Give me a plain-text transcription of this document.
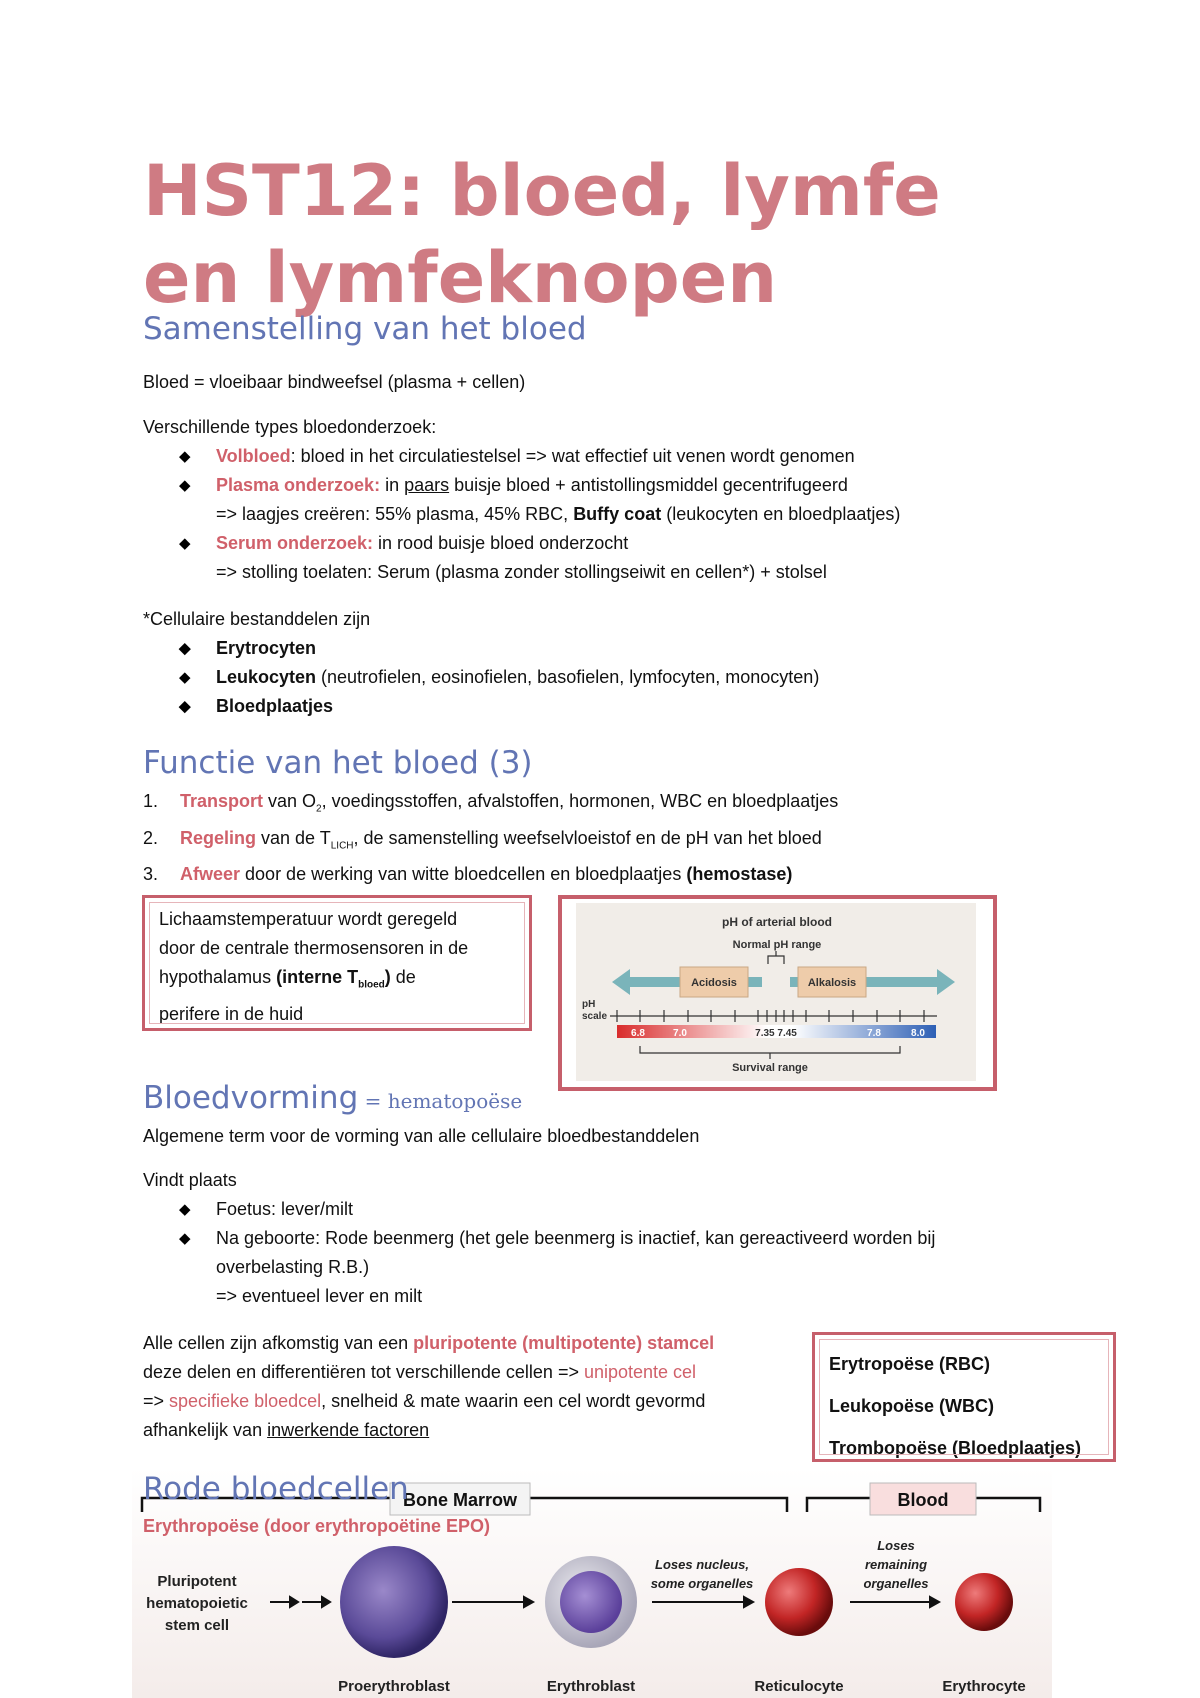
HST12: bloed, lymfe
en lymfeknopen
Samenstelling van het bloed

Bloed = vloeibaar bindweefsel (plasma + cellen)

Verschillende types bloedonderzoek:

◆ Volbloed: bloed in het circulatiestelsel => wat effectief uit venen wordt genomen
◆ Plasma onderzoek: in paars buisje bloed + antistollingsmiddel gecentrifugeerd
=> laagjes creëren: 55% plasma, 45% RBC, Buffy coat (leukocyten en bloedplaatjes)
◆ Serum onderzoek: in rood buisje bloed onderzocht
=> stolling toelaten: Serum (plasma zonder stollingseiwit en cellen*) + stolsel

*Cellulaire bestanddelen zijn

◆ Erytrocyten
◆ Leukocyten (neutrofielen, eosinofielen, basofielen, lymfocyten, monocyten)
◆ Bloedplaatjes
Functie van het bloed (3)
1. Transport van $O_2$, voedingsstoffen, afvalstoffen, hormonen, WBC en bloedplaatjes
2. Regeling van de $T_{LICH}$, de samenstelling weefselvloeistof en de pH van het bloed
3. Afweer door de werking van witte bloedcellen en bloedplaatjes (hemostase)
Lichaamstemperatuur wordt geregeld
door de centrale thermosensoren in de
hypothalamus (interne $T_{bloed}$) de
perifere in de huid
pH of arterial blood
Normal pH range
Acidosis	Alkalosis
pH
scale
6.8	7.0	7.35 7.45	7.8	8.0
Survival range
Bloedvorming = hematopoëse

Algemene term voor de vorming van alle cellulaire bloedbestanddelen

Vindt plaats

◆ Foetus: lever/milt
◆ Na geboorte: Rode beenmerg (het gele beenmerg is inactief, kan gereactiveerd worden bij
overbelasting R.B.)
=> eventueel lever en milt
Alle cellen zijn afkomstig van een pluripotente (multipotente) stamcel
deze delen en differentiëren tot verschillende cellen => unipotente cel
=> specifieke bloedcel, snelheid & mate waarin een cel wordt gevormd
afhankelijk van inwerkende factoren
Erytropoëse (RBC)
Leukopoëse (WBC)
Trombopoëse (Bloedplaatjes)
Bone Marrow	Blood
Pluripotent
hematopoietic
stem cell
Loses nucleus,
some organelles
Loses
remaining
organelles
Proerythroblast	Erythroblast	Reticulocyte	Erythrocyte
Rode bloedcellen

Erythropoëse (door erythropoëtine EPO)
